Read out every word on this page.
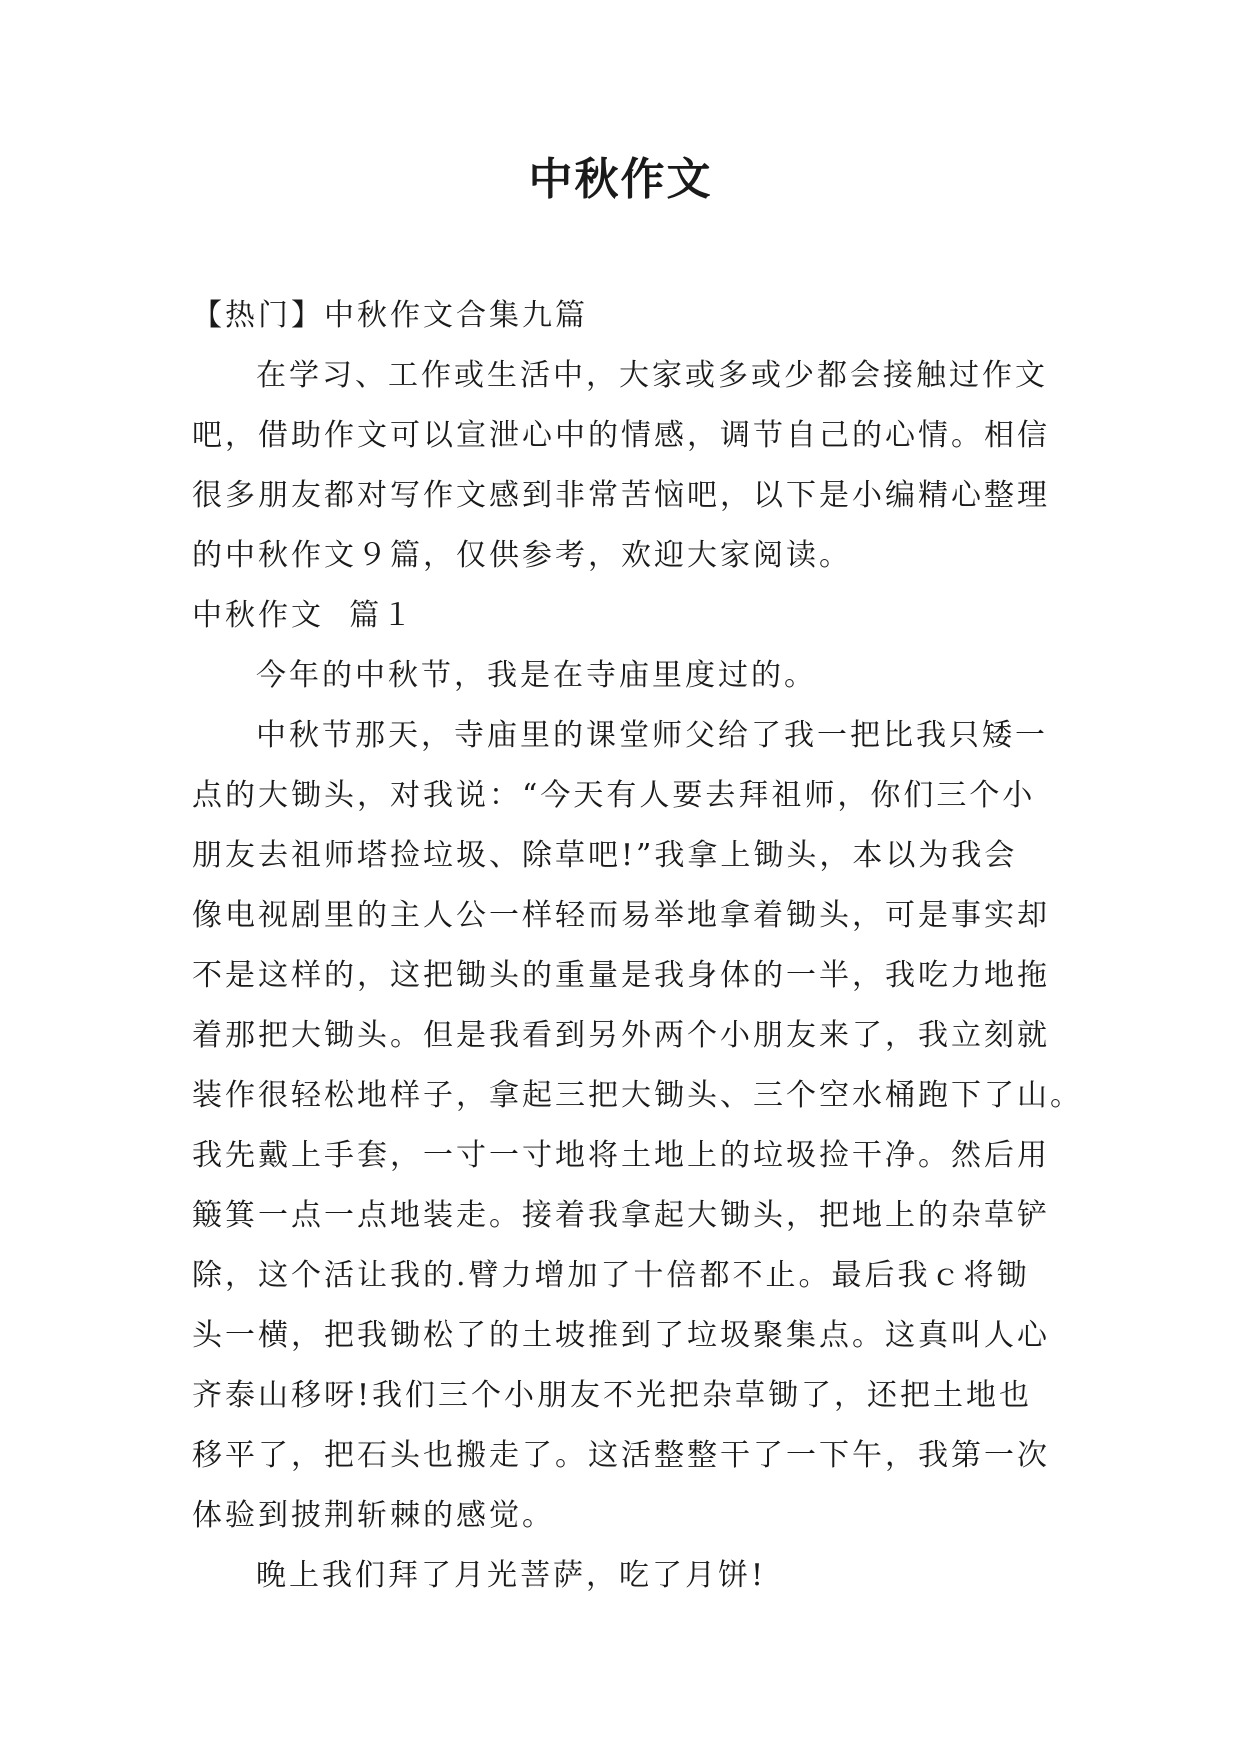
中秋作文

【热门】中秋作文合集九篇

在学习、工作或生活中，大家或多或少都会接触过作文

吧，借助作文可以宣泄心中的情感，调节自己的心情。相信

很多朋友都对写作文感到非常苦恼吧，以下是小编精心整理

的中秋作文９篇，仅供参考，欢迎大家阅读。

中秋作文  篇１

今年的中秋节，我是在寺庙里度过的。

中秋节那天，寺庙里的课堂师父给了我一把比我只矮一

点的大锄头，对我说：“今天有人要去拜祖师，你们三个小

朋友去祖师塔捡垃圾、除草吧!”我拿上锄头，本以为我会

像电视剧里的主人公一样轻而易举地拿着锄头，可是事实却

不是这样的，这把锄头的重量是我身体的一半，我吃力地拖

着那把大锄头。但是我看到另外两个小朋友来了，我立刻就

装作很轻松地样子，拿起三把大锄头、三个空水桶跑下了山。

我先戴上手套，一寸一寸地将土地上的垃圾捡干净。然后用

簸箕一点一点地装走。接着我拿起大锄头，把地上的杂草铲

除，这个活让我的.臂力增加了十倍都不止。最后我ｃ将锄

头一横，把我锄松了的土坡推到了垃圾聚集点。这真叫人心

齐泰山移呀!我们三个小朋友不光把杂草锄了，还把土地也

移平了，把石头也搬走了。这活整整干了一下午，我第一次

体验到披荆斩棘的感觉。

晚上我们拜了月光菩萨，吃了月饼!
